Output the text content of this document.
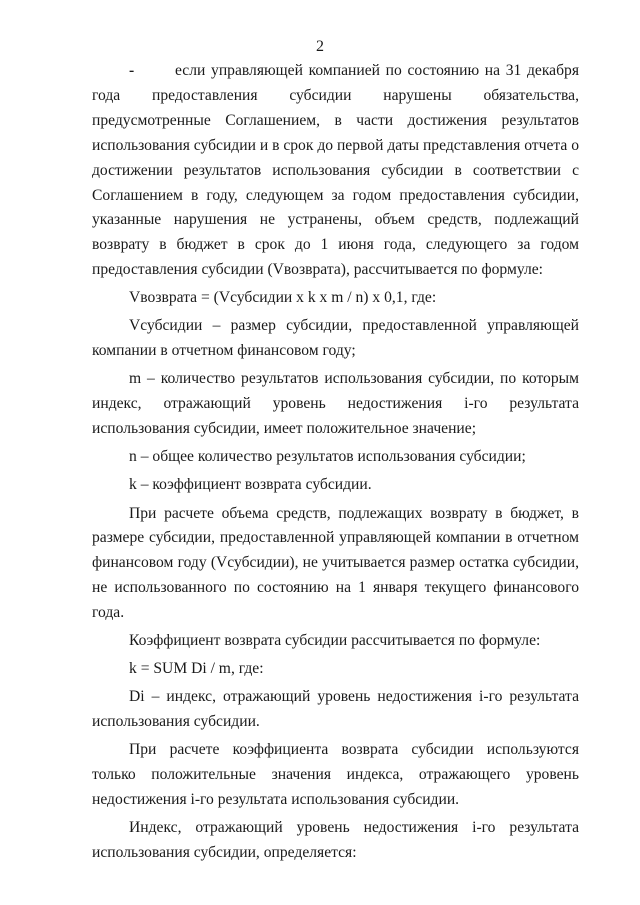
2

-	если управляющей компанией по состоянию на 31 декабря года предоставления субсидии нарушены обязательства, предусмотренные Соглашением, в части достижения результатов использования субсидии и в срок до первой даты представления отчета о достижении результатов использования субсидии в соответствии с Соглашением в году, следующем за годом предоставления субсидии, указанные нарушения не устранены, объем средств, подлежащий возврату в бюджет в срок до 1 июня года, следующего за годом предоставления субсидии (Vвозврата), рассчитывается по формуле:

Vвозврата = (Vсубсидии x k x m / n) x 0,1, где:

Vсубсидии – размер субсидии, предоставленной управляющей компании в отчетном финансовом году;

m – количество результатов использования субсидии, по которым индекс, отражающий уровень недостижения i-го результата использования субсидии, имеет положительное значение;

n – общее количество результатов использования субсидии;

k – коэффициент возврата субсидии.

При расчете объема средств, подлежащих возврату в бюджет, в размере субсидии, предоставленной управляющей компании в отчетном финансовом году (Vсубсидии), не учитывается размер остатка субсидии, не использованного по состоянию на 1 января текущего финансового года.

Коэффициент возврата субсидии рассчитывается по формуле:

k = SUM Di / m, где:

Di – индекс, отражающий уровень недостижения i-го результата использования субсидии.

При расчете коэффициента возврата субсидии используются только положительные значения индекса, отражающего уровень недостижения i-го результата использования субсидии.

Индекс, отражающий уровень недостижения i-го результата использования субсидии, определяется:
